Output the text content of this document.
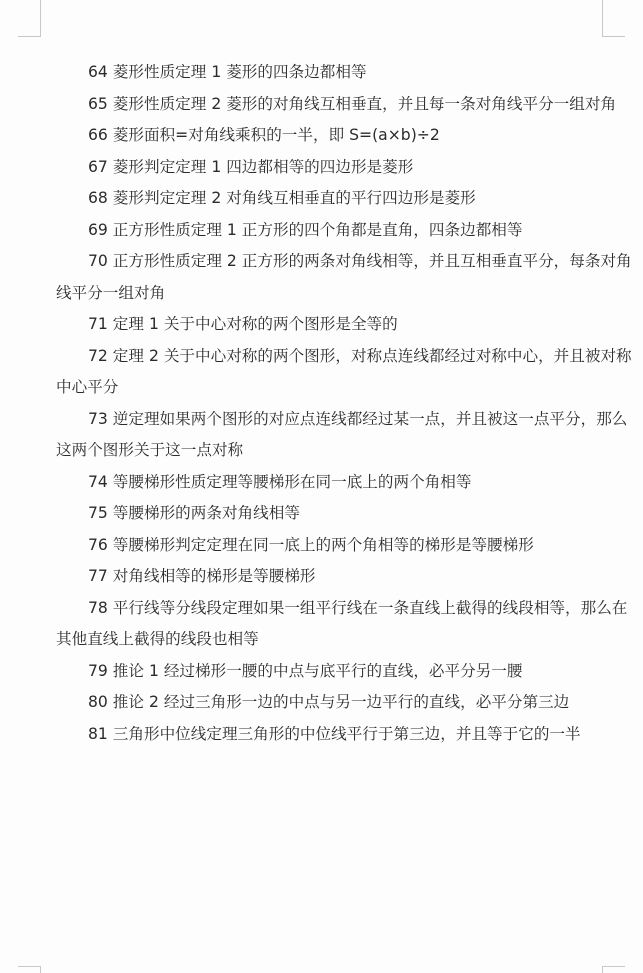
64 菱形性质定理 1 菱形的四条边都相等

65 菱形性质定理 2 菱形的对角线互相垂直，并且每一条对角线平分一组对角

66 菱形面积=对角线乘积的一半，即 S=(a×b)÷2

67 菱形判定定理 1 四边都相等的四边形是菱形

68 菱形判定定理 2 对角线互相垂直的平行四边形是菱形

69 正方形性质定理 1 正方形的四个角都是直角，四条边都相等

70 正方形性质定理 2 正方形的两条对角线相等，并且互相垂直平分，每条对角线平分一组对角

71 定理 1 关于中心对称的两个图形是全等的

72 定理 2 关于中心对称的两个图形，对称点连线都经过对称中心，并且被对称中心平分

73 逆定理如果两个图形的对应点连线都经过某一点，并且被这一点平分，那么这两个图形关于这一点对称

74 等腰梯形性质定理等腰梯形在同一底上的两个角相等

75 等腰梯形的两条对角线相等

76 等腰梯形判定定理在同一底上的两个角相等的梯形是等腰梯形

77 对角线相等的梯形是等腰梯形

78 平行线等分线段定理如果一组平行线在一条直线上截得的线段相等，那么在其他直线上截得的线段也相等

79 推论 1 经过梯形一腰的中点与底平行的直线，必平分另一腰

80 推论 2 经过三角形一边的中点与另一边平行的直线，必平分第三边

81 三角形中位线定理三角形的中位线平行于第三边，并且等于它的一半
